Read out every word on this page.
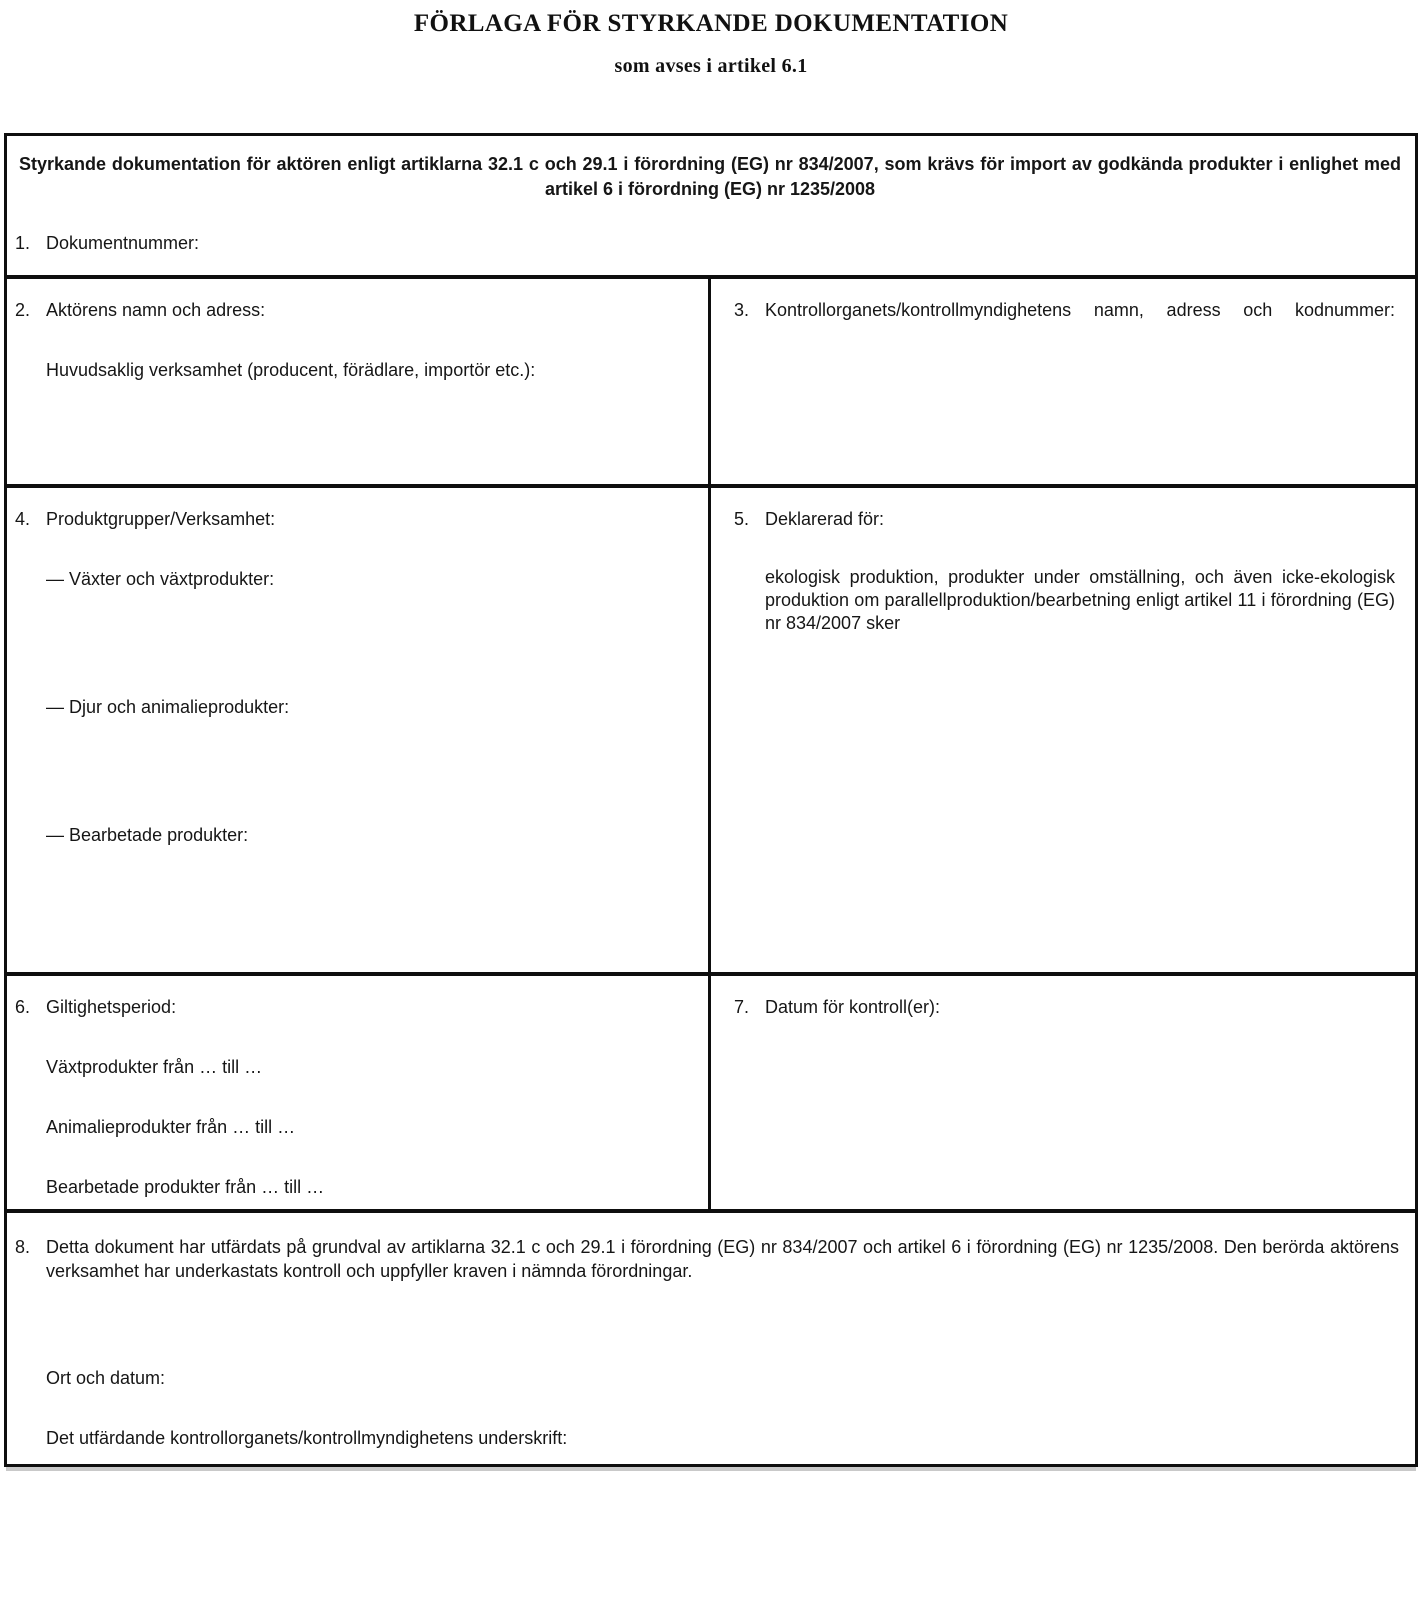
FÖRLAGA FÖR STYRKANDE DOKUMENTATION
som avses i artikel 6.1

Styrkande dokumentation för aktören enligt artiklarna 32.1 c och 29.1 i förordning (EG) nr 834/2007, som krävs för import av godkända produkter i enlighet med artikel 6 i förordning (EG) nr 1235/2008

1. Dokumentnummer:

2. Aktörens namn och adress:

Huvudsaklig verksamhet (producent, förädlare, importör etc.):

3. Kontrollorganets/kontrollmyndighetens namn, adress och kodnummer:

4. Produktgrupper/Verksamhet:

— Växter och växtprodukter:

— Djur och animalieprodukter:

— Bearbetade produkter:

5. Deklarerad för:

ekologisk produktion, produkter under omställning, och även icke-ekologisk produktion om parallellproduktion/bearbetning enligt artikel 11 i förordning (EG) nr 834/2007 sker

6. Giltighetsperiod:

Växtprodukter från … till …

Animalieprodukter från … till …

Bearbetade produkter från … till …

7. Datum för kontroll(er):

8. Detta dokument har utfärdats på grundval av artiklarna 32.1 c och 29.1 i förordning (EG) nr 834/2007 och artikel 6 i förordning (EG) nr 1235/2008. Den berörda aktörens verksamhet har underkastats kontroll och uppfyller kraven i nämnda förordningar.

Ort och datum:

Det utfärdande kontrollorganets/kontrollmyndighetens underskrift:
